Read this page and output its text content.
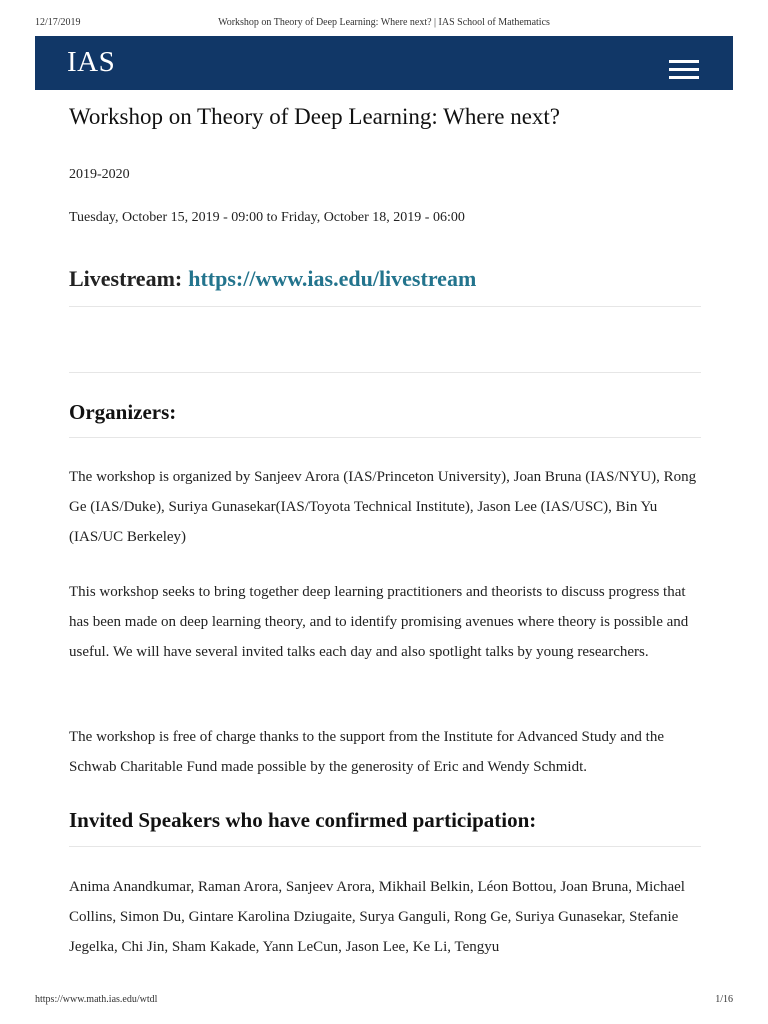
12/17/2019	Workshop on Theory of Deep Learning: Where next? | IAS School of Mathematics
IAS
Workshop on Theory of Deep Learning: Where next?
2019-2020
Tuesday, October 15, 2019 - 09:00 to Friday, October 18, 2019 - 06:00
Livestream: https://www.ias.edu/livestream
Organizers:

The workshop is organized by Sanjeev Arora (IAS/Princeton University), Joan Bruna (IAS/NYU), Rong Ge (IAS/Duke), Suriya Gunasekar(IAS/Toyota Technical Institute), Jason Lee (IAS/USC), Bin Yu (IAS/UC Berkeley)

This workshop seeks to bring together deep learning practitioners and theorists to discuss progress that has been made on deep learning theory, and to identify promising avenues where theory is possible and useful. We will have several invited talks each day and also spotlight talks by young researchers.

The workshop is free of charge thanks to the support from the Institute for Advanced Study and the Schwab Charitable Fund made possible by the generosity of Eric and Wendy Schmidt.

Invited Speakers who have confirmed participation:

Anima Anandkumar, Raman Arora, Sanjeev Arora, Mikhail Belkin, Léon Bottou, Joan Bruna, Michael Collins, Simon Du, Gintare Karolina Dziugaite, Surya Ganguli, Rong Ge, Suriya Gunasekar, Stefanie Jegelka, Chi Jin, Sham Kakade, Yann LeCun, Jason Lee, Ke Li, Tengyu

https://www.math.ias.edu/wtdl	1/16
